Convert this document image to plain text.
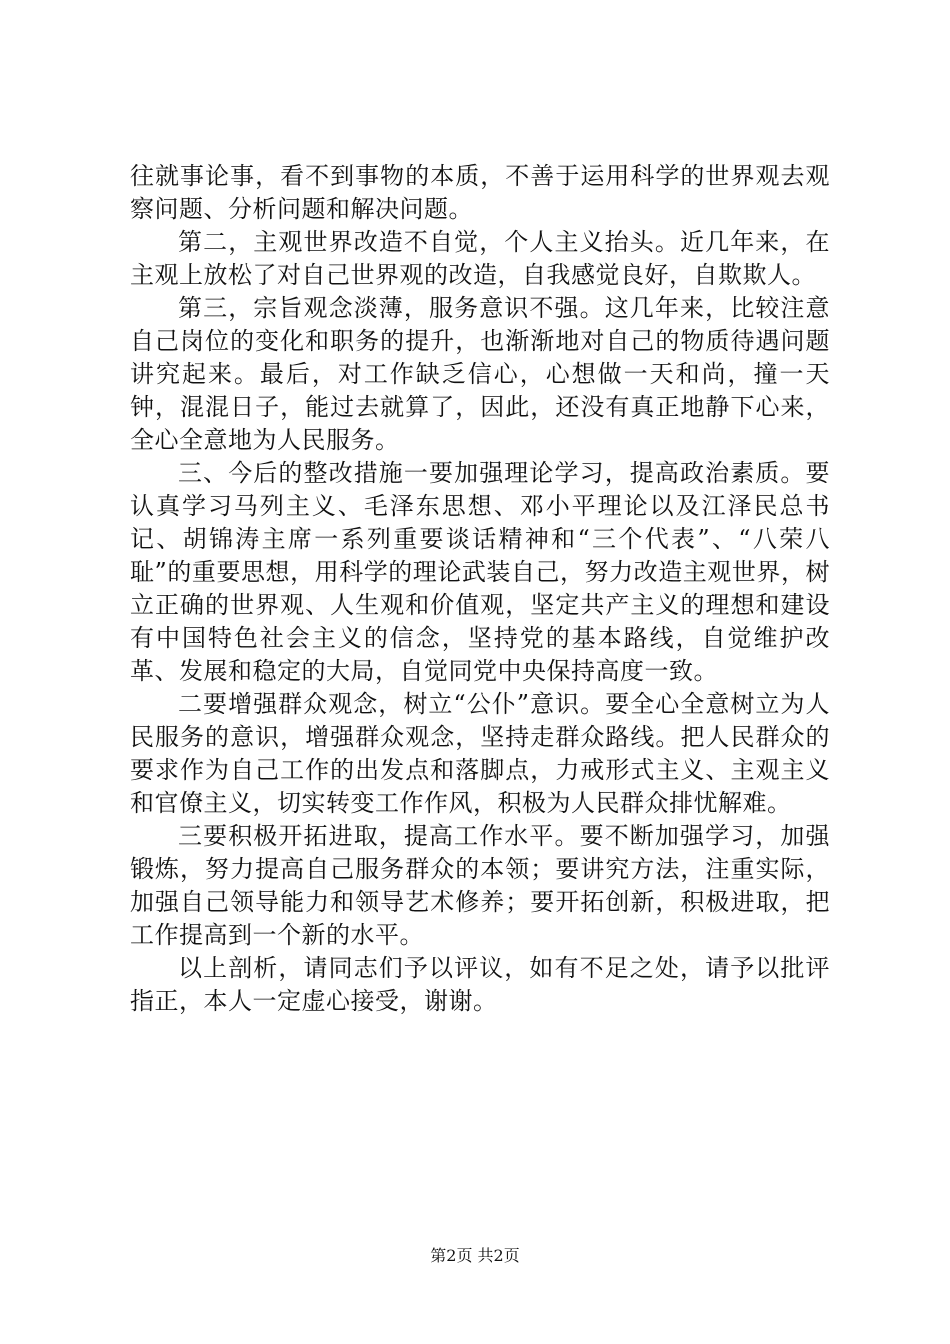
往就事论事，看不到事物的本质，不善于运用科学的世界观去观察问题、分析问题和解决问题。

第二，主观世界改造不自觉，个人主义抬头。近几年来，在主观上放松了对自己世界观的改造，自我感觉良好，自欺欺人。

第三，宗旨观念淡薄，服务意识不强。这几年来，比较注意自己岗位的变化和职务的提升，也渐渐地对自己的物质待遇问题讲究起来。最后，对工作缺乏信心，心想做一天和尚，撞一天钟，混混日子，能过去就算了，因此，还没有真正地静下心来，全心全意地为人民服务。

三、今后的整改措施一要加强理论学习，提高政治素质。要认真学习马列主义、毛泽东思想、邓小平理论以及江泽民总书记、胡锦涛主席一系列重要谈话精神和“三个代表”、“八荣八耻”的重要思想，用科学的理论武装自己，努力改造主观世界，树立正确的世界观、人生观和价值观，坚定共产主义的理想和建设有中国特色社会主义的信念，坚持党的基本路线，自觉维护改革、发展和稳定的大局，自觉同党中央保持高度一致。

二要增强群众观念，树立“公仆”意识。要全心全意树立为人民服务的意识，增强群众观念，坚持走群众路线。把人民群众的要求作为自己工作的出发点和落脚点，力戒形式主义、主观主义和官僚主义，切实转变工作作风，积极为人民群众排忧解难。

三要积极开拓进取，提高工作水平。要不断加强学习，加强锻炼，努力提高自己服务群众的本领；要讲究方法，注重实际，加强自己领导能力和领导艺术修养；要开拓创新，积极进取，把工作提高到一个新的水平。

以上剖析，请同志们予以评议，如有不足之处，请予以批评指正，本人一定虚心接受，谢谢。

第2页 共2页
